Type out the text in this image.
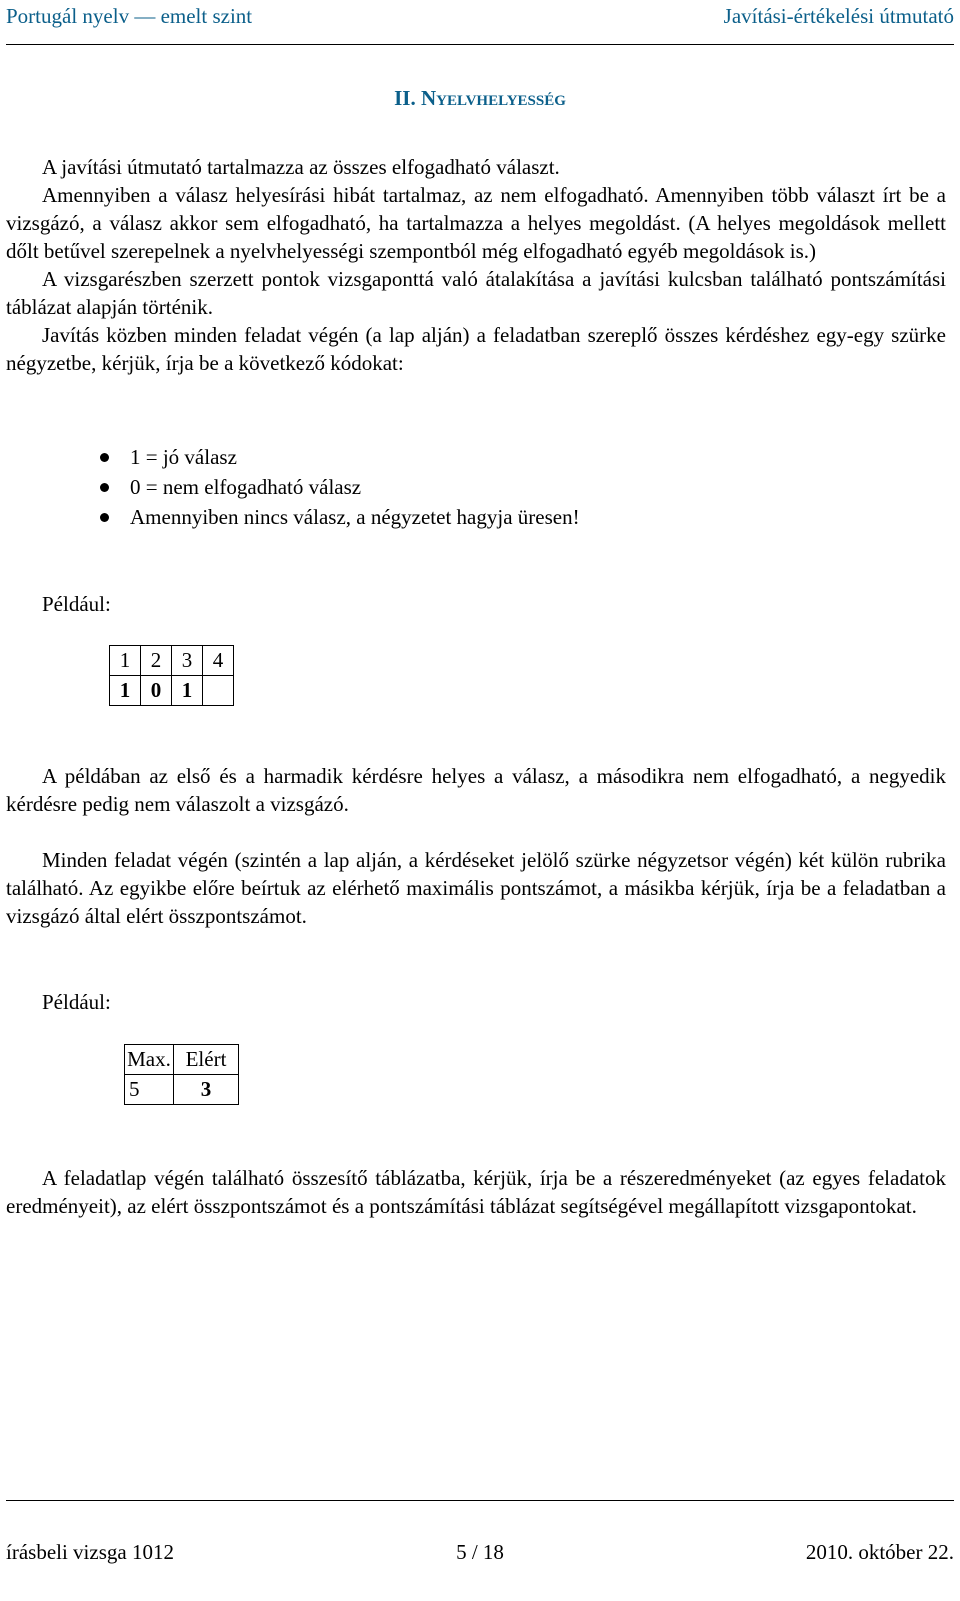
Portugál nyelv — emelt szint	Javítási-értékelési útmutató
II. Nyelvhelyesség

A javítási útmutató tartalmazza az összes elfogadható választ.

Amennyiben a válasz helyesírási hibát tartalmaz, az nem elfogadható. Amennyiben több választ írt be a vizsgázó, a válasz akkor sem elfogadható, ha tartalmazza a helyes megoldást. (A helyes megoldások mellett dőlt betűvel szerepelnek a nyelvhelyességi szempontból még elfogadható egyéb megoldások is.)

A vizsgarészben szerzett pontok vizsgaponttá való átalakítása a javítási kulcsban található pontszámítási táblázat alapján történik.

Javítás közben minden feladat végén (a lap alján) a feladatban szereplő összes kérdéshez egy-egy szürke négyzetbe, kérjük, írja be a következő kódokat:

1 = jó válasz
0 = nem elfogadható válasz
Amennyiben nincs válasz, a négyzetet hagyja üresen!
Például:
1	2	3	4
1	0	1	

A példában az első és a harmadik kérdésre helyes a válasz, a másodikra nem elfogadható, a negyedik kérdésre pedig nem válaszolt a vizsgázó.

Minden feladat végén (szintén a lap alján, a kérdéseket jelölő szürke négyzetsor végén) két külön rubrika található. Az egyikbe előre beírtuk az elérhető maximális pontszámot, a másikba kérjük, írja be a feladatban a vizsgázó által elért összpontszámot.

Például:
Max.	Elért
5	3

A feladatlap végén található összesítő táblázatba, kérjük, írja be a részeredményeket (az egyes feladatok eredményeit), az elért összpontszámot és a pontszámítási táblázat segítségével megállapított vizsgapontokat.

írásbeli vizsga 1012	5 / 18	2010. október 22.
